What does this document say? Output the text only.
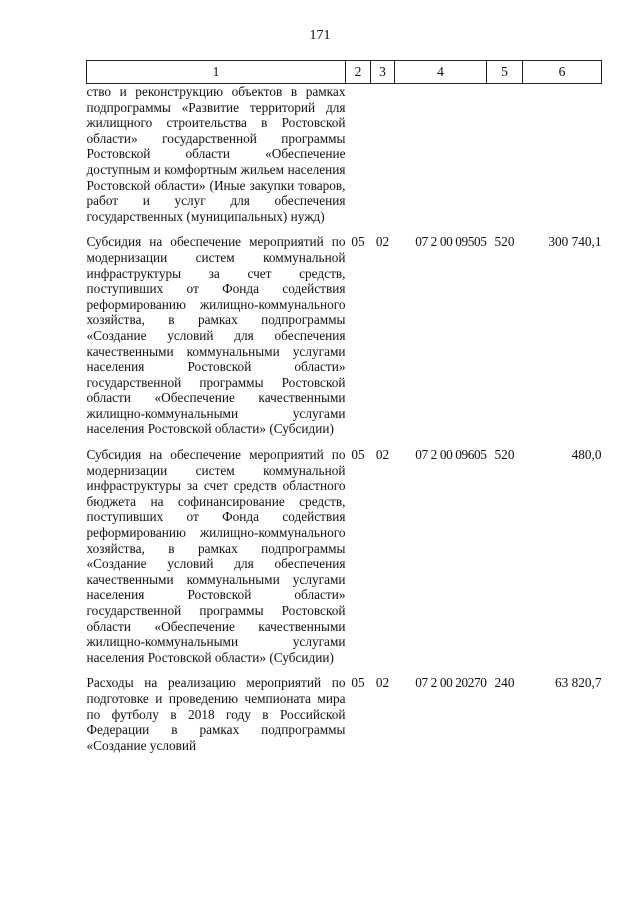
171
1	2	3	4	5	6
ство и реконструкцию объектов в рамках подпрограммы «Развитие территорий для жилищного строительства в Ростовской области» государственной программы Ростовской области «Обеспечение доступным и комфортным жильем населения Ростовской области» (Иные закупки товаров, работ и услуг для обеспечения государственных (муниципальных) нужд)					

Субсидия на обеспечение мероприятий по модернизации систем коммунальной инфраструктуры за счет средств, поступивших от Фонда содействия реформированию жилищно-коммунального хозяйства, в рамках подпрограммы «Создание условий для обеспечения качественными коммунальными услугами населения Ростовской области» государственной программы Ростовской области «Обеспечение качественными жилищно-коммунальными услугами населения Ростовской области» (Субсидии)	05	02	07 2 00 09505	520	300 740,1

Субсидия на обеспечение мероприятий по модернизации систем коммунальной инфраструктуры за счет средств областного бюджета на софинансирование средств, поступивших от Фонда содействия реформированию жилищно-коммунального хозяйства, в рамках подпрограммы «Создание условий для обеспечения качественными коммунальными услугами населения Ростовской области» государственной программы Ростовской области «Обеспечение качественными жилищно-коммунальными услугами населения Ростовской области» (Субсидии)	05	02	07 2 00 09605	520	480,0

Расходы на реализацию мероприятий по подготовке и проведению чемпионата мира по футболу в 2018 году в Российской Федерации в рамках подпрограммы «Создание условий	05	02	07 2 00 20270	240	63 820,7
